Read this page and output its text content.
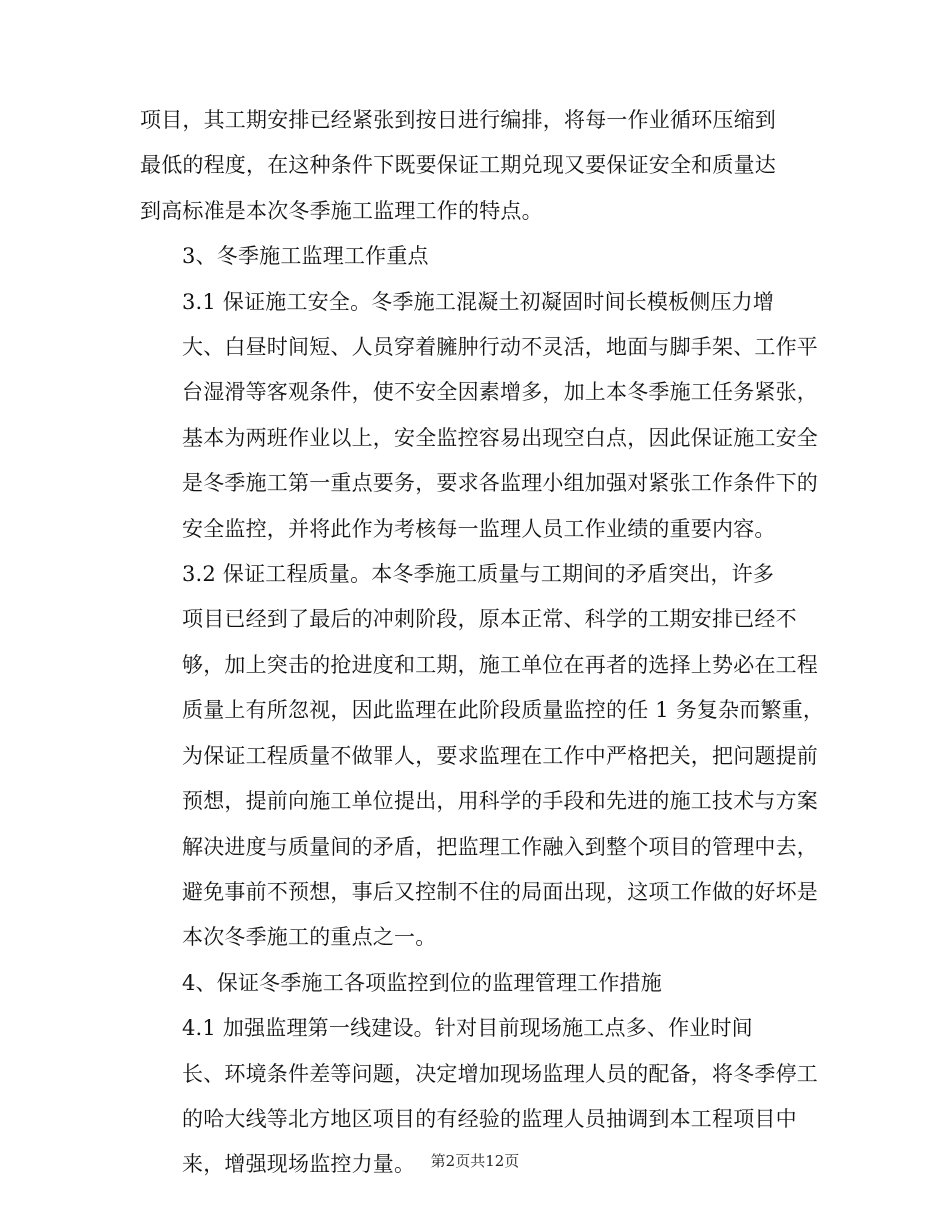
项目，其工期安排已经紧张到按日进行编排，将每一作业循环压缩到
最低的程度，在这种条件下既要保证工期兑现又要保证安全和质量达
到高标准是本次冬季施工监理工作的特点。

3、冬季施工监理工作重点

3.1 保证施工安全。冬季施工混凝土初凝固时间长模板侧压力增
大、白昼时间短、人员穿着臃肿行动不灵活，地面与脚手架、工作平
台湿滑等客观条件，使不安全因素增多，加上本冬季施工任务紧张，
基本为两班作业以上，安全监控容易出现空白点，因此保证施工安全
是冬季施工第一重点要务，要求各监理小组加强对紧张工作条件下的
安全监控，并将此作为考核每一监理人员工作业绩的重要内容。

3.2 保证工程质量。本冬季施工质量与工期间的矛盾突出，许多
项目已经到了最后的冲刺阶段，原本正常、科学的工期安排已经不
够，加上突击的抢进度和工期，施工单位在再者的选择上势必在工程
质量上有所忽视，因此监理在此阶段质量监控的任 1 务复杂而繁重，
为保证工程质量不做罪人，要求监理在工作中严格把关，把问题提前
预想，提前向施工单位提出，用科学的手段和先进的施工技术与方案
解决进度与质量间的矛盾，把监理工作融入到整个项目的管理中去，
避免事前不预想，事后又控制不住的局面出现，这项工作做的好坏是
本次冬季施工的重点之一。

4、保证冬季施工各项监控到位的监理管理工作措施

4.1 加强监理第一线建设。针对目前现场施工点多、作业时间
长、环境条件差等问题，决定增加现场监理人员的配备，将冬季停工
的哈大线等北方地区项目的有经验的监理人员抽调到本工程项目中
来，增强现场监控力量。	第2页共12页
